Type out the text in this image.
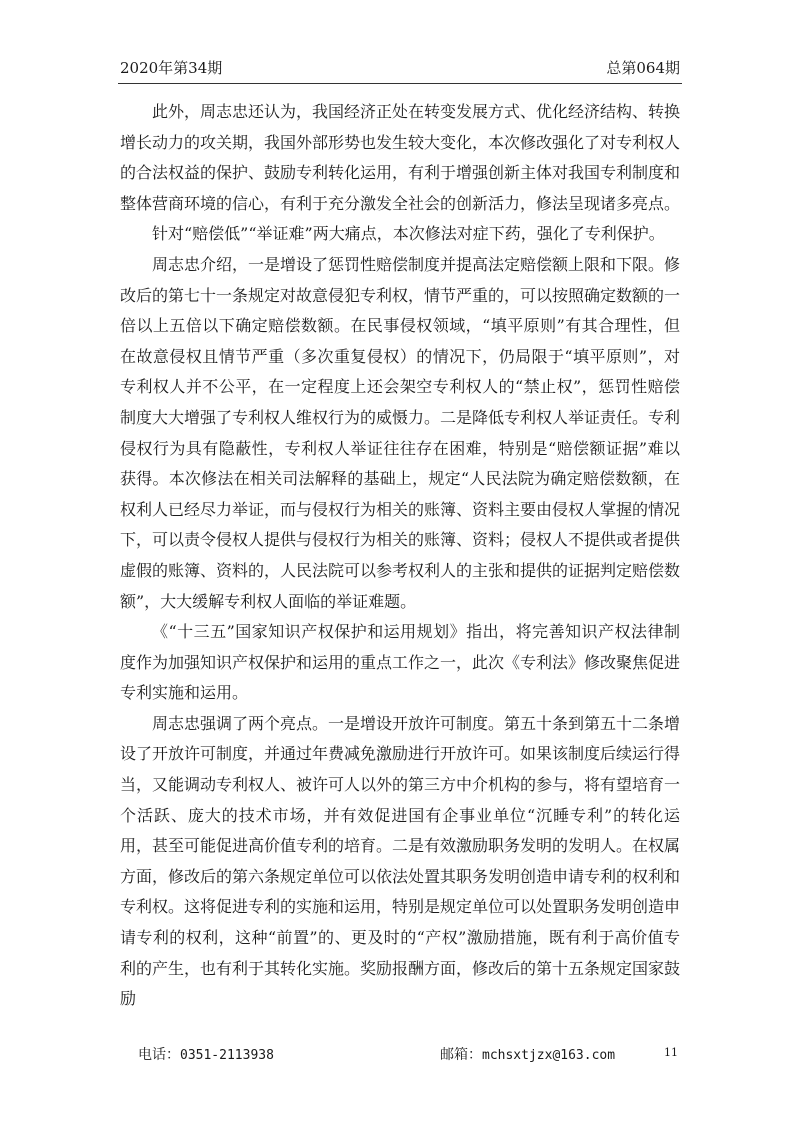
2020年第34期	总第064期

此外，周志忠还认为，我国经济正处在转变发展方式、优化经济结构、转换增长动力的攻关期，我国外部形势也发生较大变化，本次修改强化了对专利权人的合法权益的保护、鼓励专利转化运用，有利于增强创新主体对我国专利制度和整体营商环境的信心，有利于充分激发全社会的创新活力，修法呈现诸多亮点。

针对“赔偿低”“举证难”两大痛点，本次修法对症下药，强化了专利保护。

周志忠介绍，一是增设了惩罚性赔偿制度并提高法定赔偿额上限和下限。修改后的第七十一条规定对故意侵犯专利权，情节严重的，可以按照确定数额的一倍以上五倍以下确定赔偿数额。在民事侵权领域，“填平原则”有其合理性，但在故意侵权且情节严重（多次重复侵权）的情况下，仍局限于“填平原则”，对专利权人并不公平，在一定程度上还会架空专利权人的“禁止权”，惩罚性赔偿制度大大增强了专利权人维权行为的威慑力。二是降低专利权人举证责任。专利侵权行为具有隐蔽性，专利权人举证往往存在困难，特别是“赔偿额证据”难以获得。本次修法在相关司法解释的基础上，规定“人民法院为确定赔偿数额，在权利人已经尽力举证，而与侵权行为相关的账簿、资料主要由侵权人掌握的情况下，可以责令侵权人提供与侵权行为相关的账簿、资料；侵权人不提供或者提供虚假的账簿、资料的，人民法院可以参考权利人的主张和提供的证据判定赔偿数额”，大大缓解专利权人面临的举证难题。

《“十三五”国家知识产权保护和运用规划》指出，将完善知识产权法律制度作为加强知识产权保护和运用的重点工作之一，此次《专利法》修改聚焦促进专利实施和运用。

周志忠强调了两个亮点。一是增设开放许可制度。第五十条到第五十二条增设了开放许可制度，并通过年费减免激励进行开放许可。如果该制度后续运行得当，又能调动专利权人、被许可人以外的第三方中介机构的参与，将有望培育一个活跃、庞大的技术市场，并有效促进国有企事业单位“沉睡专利”的转化运用，甚至可能促进高价值专利的培育。二是有效激励职务发明的发明人。在权属方面，修改后的第六条规定单位可以依法处置其职务发明创造申请专利的权利和专利权。这将促进专利的实施和运用，特别是规定单位可以处置职务发明创造申请专利的权利，这种“前置”的、更及时的“产权”激励措施，既有利于高价值专利的产生，也有利于其转化实施。奖励报酬方面，修改后的第十五条规定国家鼓励

电话：0351-2113938	邮箱：mchsxtjzx@163.com	11
